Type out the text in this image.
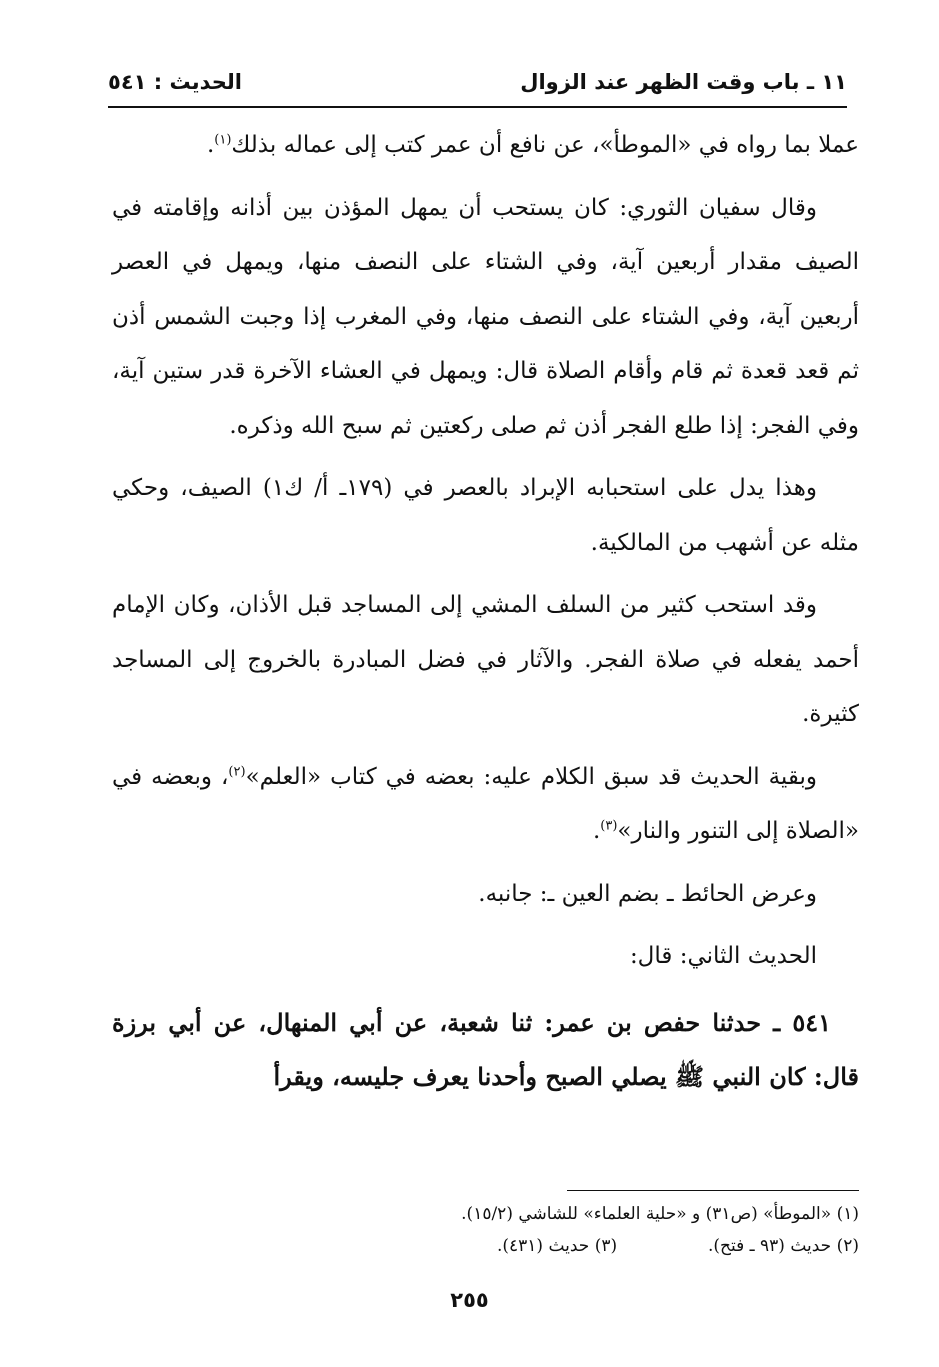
١١ ـ باب وقت الظهر عند الزوال
الحديث : ٥٤١

عملا بما رواه في «الموطأ»، عن نافع أن عمر كتب إلى عماله بذلك$^{(١)}$.

وقال سفيان الثوري: كان يستحب أن يمهل المؤذن بين أذانه وإقامته في الصيف مقدار أربعين آية، وفي الشتاء على النصف منها، ويمهل في العصر أربعين آية، وفي الشتاء على النصف منها، وفي المغرب إذا وجبت الشمس أذن ثم قعد قعدة ثم قام وأقام الصلاة قال: ويمهل في العشاء الآخرة قدر ستين آية، وفي الفجر: إذا طلع الفجر أذن ثم صلى ركعتين ثم سبح الله وذكره.

وهذا يدل على استحبابه الإبراد بالعصر في (١٧٩ـ أ/ ك١) الصيف، وحكي مثله عن أشهب من المالكية.

وقد استحب كثير من السلف المشي إلى المساجد قبل الأذان، وكان الإمام أحمد يفعله في صلاة الفجر. والآثار في فضل المبادرة بالخروج إلى المساجد كثيرة.

وبقية الحديث قد سبق الكلام عليه: بعضه في كتاب «العلم»$^{(٢)}$، وبعضه في «الصلاة إلى التنور والنار»$^{(٣)}$.

وعرض الحائط ـ بضم العين ـ: جانبه.

الحديث الثاني: قال:

٥٤١ ـ حدثنا حفص بن عمر: ثنا شعبة، عن أبي المنهال، عن أبي برزة قال: كان النبي ﷺ يصلي الصبح وأحدنا يعرف جليسه، ويقرأ

(١) «الموطأ» (ص٣١) و «حلية العلماء» للشاشي (١٥/٢).
(٢) حديث (٩٣ ـ فتح).  (٣) حديث (٤٣١).
٢٥٥
